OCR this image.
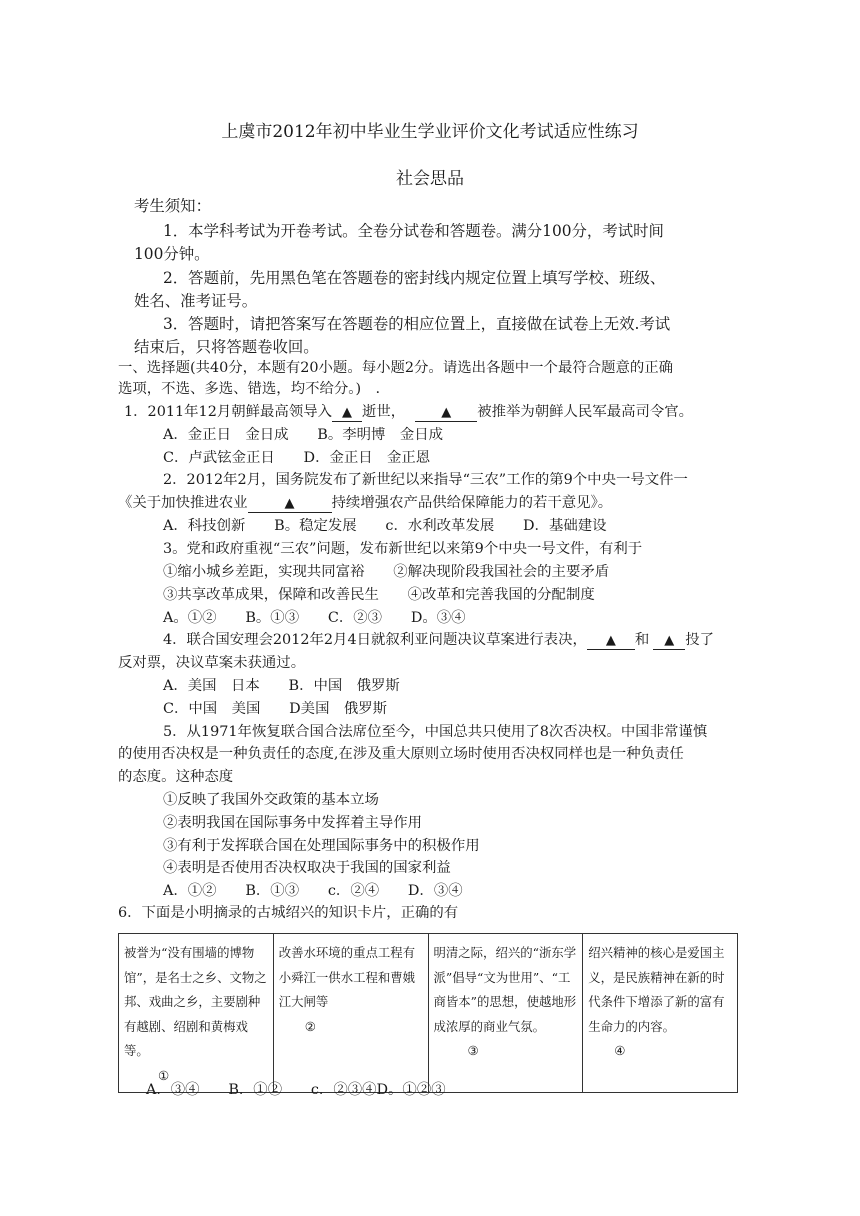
上虞市2012年初中毕业生学业评价文化考试适应性练习
社会思品
考生须知：
1．本学科考试为开卷考试。全卷分试卷和答题卷。满分100分，考试时间
100分钟。
2．答题前，先用黑色笔在答题卷的密封线内规定位置上填写学校、班级、
姓名、准考证号。
3．答题时，请把答案写在答题卷的相应位置上，直接做在试卷上无效.考试
结束后，只将答题卷收回。
一、选择题(共40分，本题有20小题。每小题2分。请选出各题中一个最符合题意的正确
选项，不选、多选、错选，均不给分。)　.
1．2011年12月朝鲜最高领导入 ▲ 逝世，	▲ 被推举为朝鲜人民军最高司令官。
A．金正日　金日成　　B。李明博　金日成
C．卢武铉金正日　　D．金正日　金正恩
2．2012年2月，国务院发布了新世纪以来指导“三农”工作的第9个中央一号文件一
《关于加快推进农业	▲	持续增强农产品供给保障能力的若干意见》。
A．科技创新　　B。稳定发展　　c．水利改革发展　　D．基础建设
3。党和政府重视“三农”问题，发布新世纪以来第9个中央一号文件，有利于
①缩小城乡差距，实现共同富裕　　②解决现阶段我国社会的主要矛盾
③共享改革成果，保障和改善民生　　④改革和完善我国的分配制度
A。①②　　B。①③　　C．②③　　D。③④
4．联合国安理会2012年2月4日就叙利亚问题决议草案进行表决， ▲ 和 ▲ 投了
反对票，决议草案未获通过。
A．美国　日本　　B．中国　俄罗斯
C．中国　美国　　D美国　俄罗斯
5．从1971年恢复联合国合法席位至今，中国总共只使用了8次否决权。中国非常谨慎
的使用否决权是一种负责任的态度,在涉及重大原则立场时使用否决权同样也是一种负责任
的态度。这种态度
①反映了我国外交政策的基本立场
②表明我国在国际事务中发挥着主导作用
③有利于发挥联合国在处理国际事务中的积极作用
④表明是否使用否决权取决于我国的国家利益
A．①②　　B．①③　　c．②④　　D．③④
6．下面是小明摘录的古城绍兴的知识卡片，正确的有
被誉为“没有围墙的博物馆”，是名士之乡、文物之邦、戏曲之乡，主要剧种有越剧、绍剧和黄梅戏等。
①
	改善水环境的重点工程有小舜江一供水工程和曹娥江大闸等
②
	明清之际，绍兴的“浙东学派”倡导“文为世用”、“工商皆本”的思想，使越地形成浓厚的商业气氛。
③
	绍兴精神的核心是爱国主义，是民族精神在新的时代条件下增添了新的富有生命力的内容。
④
A．③④　　B．①②　　c．②③④D。①②③
